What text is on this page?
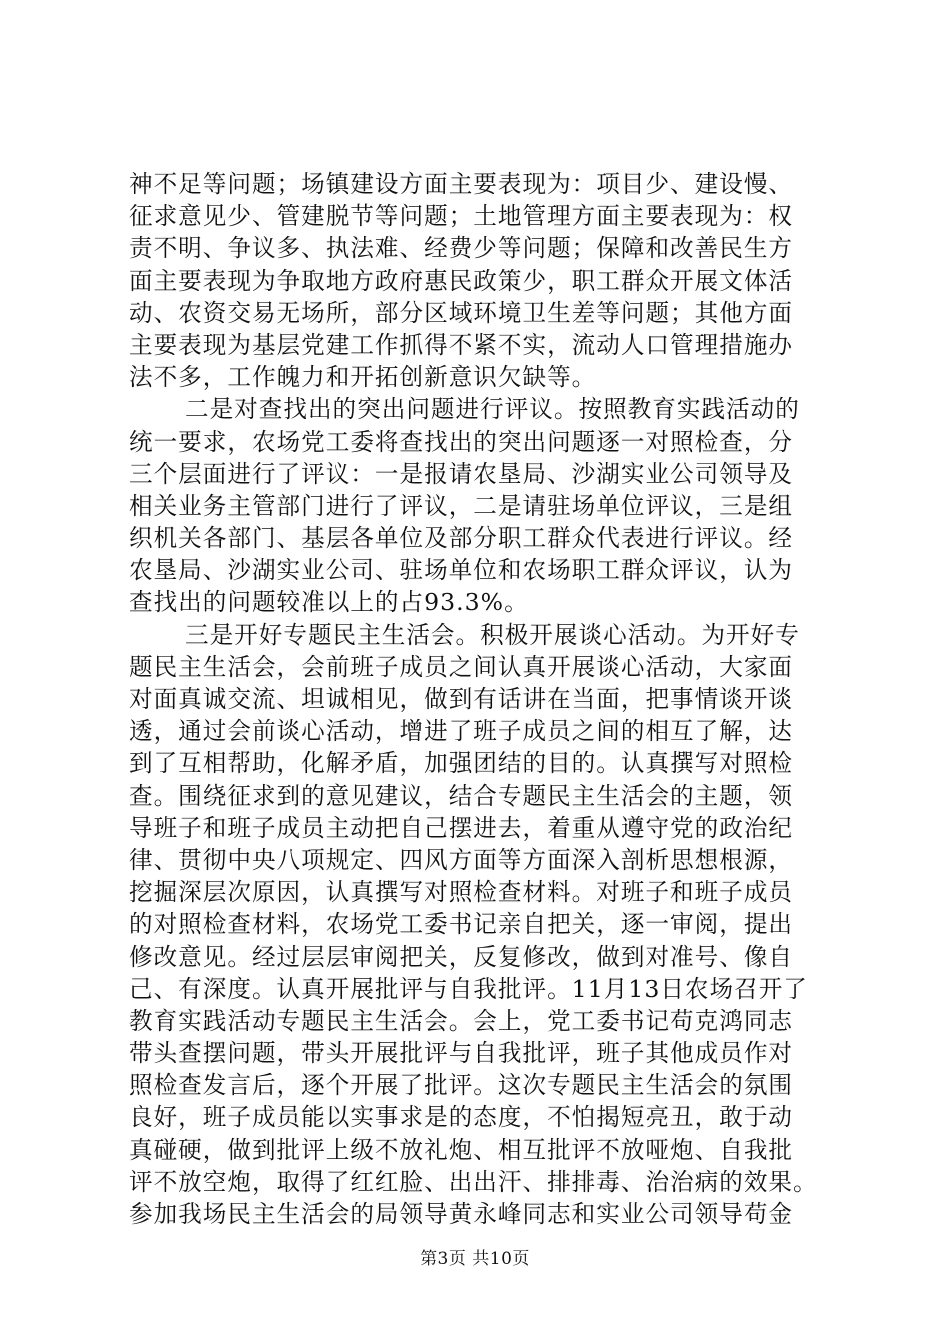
神不足等问题；场镇建设方面主要表现为：项目少、建设慢、
征求意见少、管建脱节等问题；土地管理方面主要表现为：权
责不明、争议多、执法难、经费少等问题；保障和改善民生方
面主要表现为争取地方政府惠民政策少，职工群众开展文体活
动、农资交易无场所，部分区域环境卫生差等问题；其他方面
主要表现为基层党建工作抓得不紧不实，流动人口管理措施办
法不多，工作魄力和开拓创新意识欠缺等。
二是对查找出的突出问题进行评议。按照教育实践活动的
统一要求，农场党工委将查找出的突出问题逐一对照检查，分
三个层面进行了评议：一是报请农垦局、沙湖实业公司领导及
相关业务主管部门进行了评议，二是请驻场单位评议，三是组
织机关各部门、基层各单位及部分职工群众代表进行评议。经
农垦局、沙湖实业公司、驻场单位和农场职工群众评议，认为
查找出的问题较准以上的占93.3%。
三是开好专题民主生活会。积极开展谈心活动。为开好专
题民主生活会，会前班子成员之间认真开展谈心活动，大家面
对面真诚交流、坦诚相见，做到有话讲在当面，把事情谈开谈
透，通过会前谈心活动，增进了班子成员之间的相互了解，达
到了互相帮助，化解矛盾，加强团结的目的。认真撰写对照检
查。围绕征求到的意见建议，结合专题民主生活会的主题，领
导班子和班子成员主动把自己摆进去，着重从遵守党的政治纪
律、贯彻中央八项规定、四风方面等方面深入剖析思想根源，
挖掘深层次原因，认真撰写对照检查材料。对班子和班子成员
的对照检查材料，农场党工委书记亲自把关，逐一审阅，提出
修改意见。经过层层审阅把关，反复修改，做到对准号、像自
己、有深度。认真开展批评与自我批评。11月13日农场召开了
教育实践活动专题民主生活会。会上，党工委书记苟克鸿同志
带头查摆问题，带头开展批评与自我批评，班子其他成员作对
照检查发言后，逐个开展了批评。这次专题民主生活会的氛围
良好，班子成员能以实事求是的态度，不怕揭短亮丑，敢于动
真碰硬，做到批评上级不放礼炮、相互批评不放哑炮、自我批
评不放空炮，取得了红红脸、出出汗、排排毒、治治病的效果。
参加我场民主生活会的局领导黄永峰同志和实业公司领导苟金
第3页 共10页
